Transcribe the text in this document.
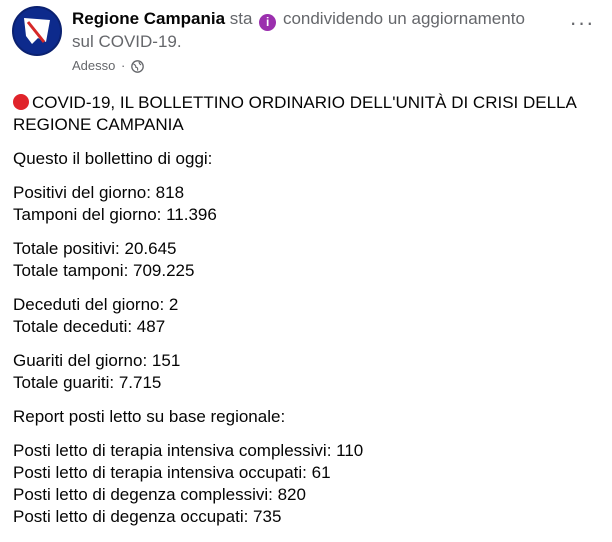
Regione Campania sta i condividendo un aggiornamento sul COVID-19.
Adesso ·
···
COVID-19, IL BOLLETTINO ORDINARIO DELL'UNITÀ DI CRISI DELLA REGIONE CAMPANIA
Questo il bollettino di oggi:
Positivi del giorno: 818
Tamponi del giorno: 11.396
Totale positivi: 20.645
Totale tamponi: 709.225
Deceduti del giorno: 2
Totale deceduti: 487
Guariti del giorno: 151
Totale guariti: 7.715
Report posti letto su base regionale:
Posti letto di terapia intensiva complessivi: 110
Posti letto di terapia intensiva occupati: 61
Posti letto di degenza complessivi: 820
Posti letto di degenza occupati: 735
